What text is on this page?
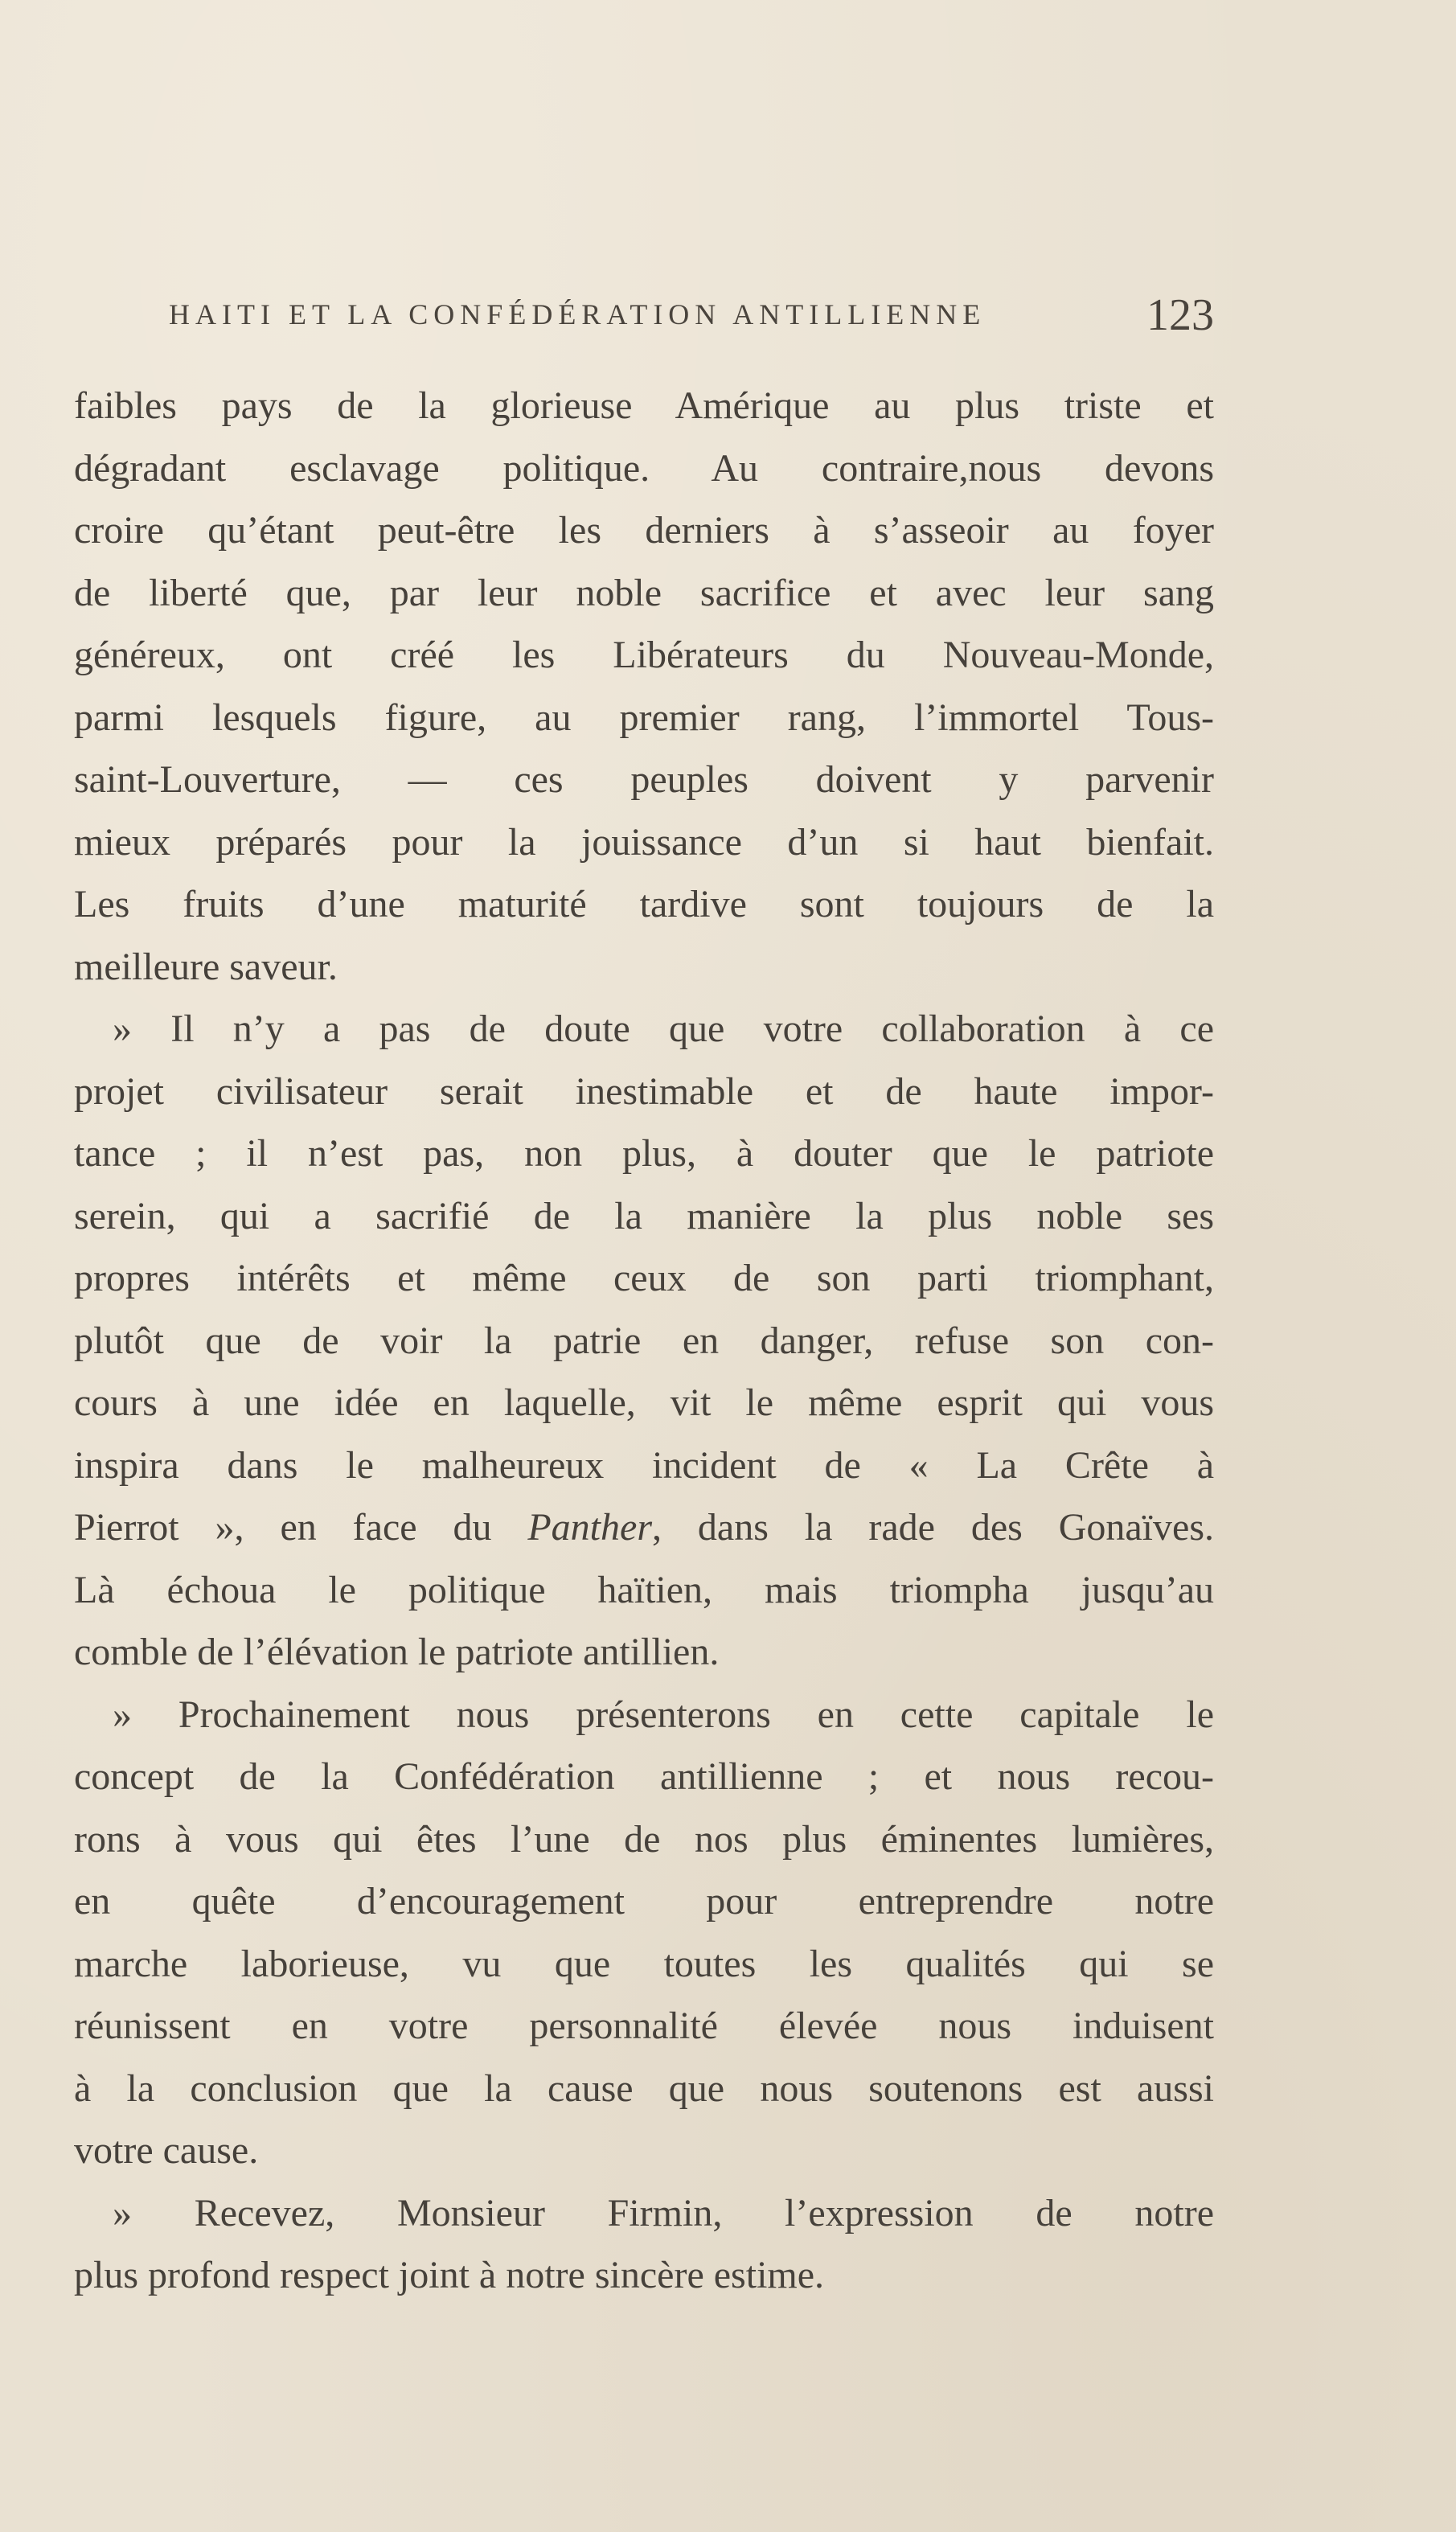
HAITI ET LA CONFÉDÉRATION ANTILLIENNE	123
faibles pays de la glorieuse Amérique au plus triste et
dégradant esclavage politique. Au contraire,nous devons
croire qu’étant peut-être les derniers à s’asseoir au foyer
de liberté que, par leur noble sacrifice et avec leur sang
généreux, ont créé les Libérateurs du Nouveau-Monde,
parmi lesquels figure, au premier rang, l’immortel Tous-
saint-Louverture, — ces peuples doivent y parvenir
mieux préparés pour la jouissance d’un si haut bienfait.
Les fruits d’une maturité tardive sont toujours de la
meilleure saveur.
» Il n’y a pas de doute que votre collaboration à ce
projet civilisateur serait inestimable et de haute impor-
tance ; il n’est pas, non plus, à douter que le patriote
serein, qui a sacrifié de la manière la plus noble ses
propres intérêts et même ceux de son parti triomphant,
plutôt que de voir la patrie en danger, refuse son con-
cours à une idée en laquelle, vit le même esprit qui vous
inspira dans le malheureux incident de « La Crête à
Pierrot », en face du Panther, dans la rade des Gonaïves.
Là échoua le politique haïtien, mais triompha jusqu’au
comble de l’élévation le patriote antillien.
» Prochainement nous présenterons en cette capitale le
concept de la Confédération antillienne ; et nous recou-
rons à vous qui êtes l’une de nos plus éminentes lumières,
en quête d’encouragement pour entreprendre notre
marche laborieuse, vu que toutes les qualités qui se
réunissent en votre personnalité élevée nous induisent
à la conclusion que la cause que nous soutenons est aussi
votre cause.
» Recevez, Monsieur Firmin, l’expression de notre
plus profond respect joint à notre sincère estime.
